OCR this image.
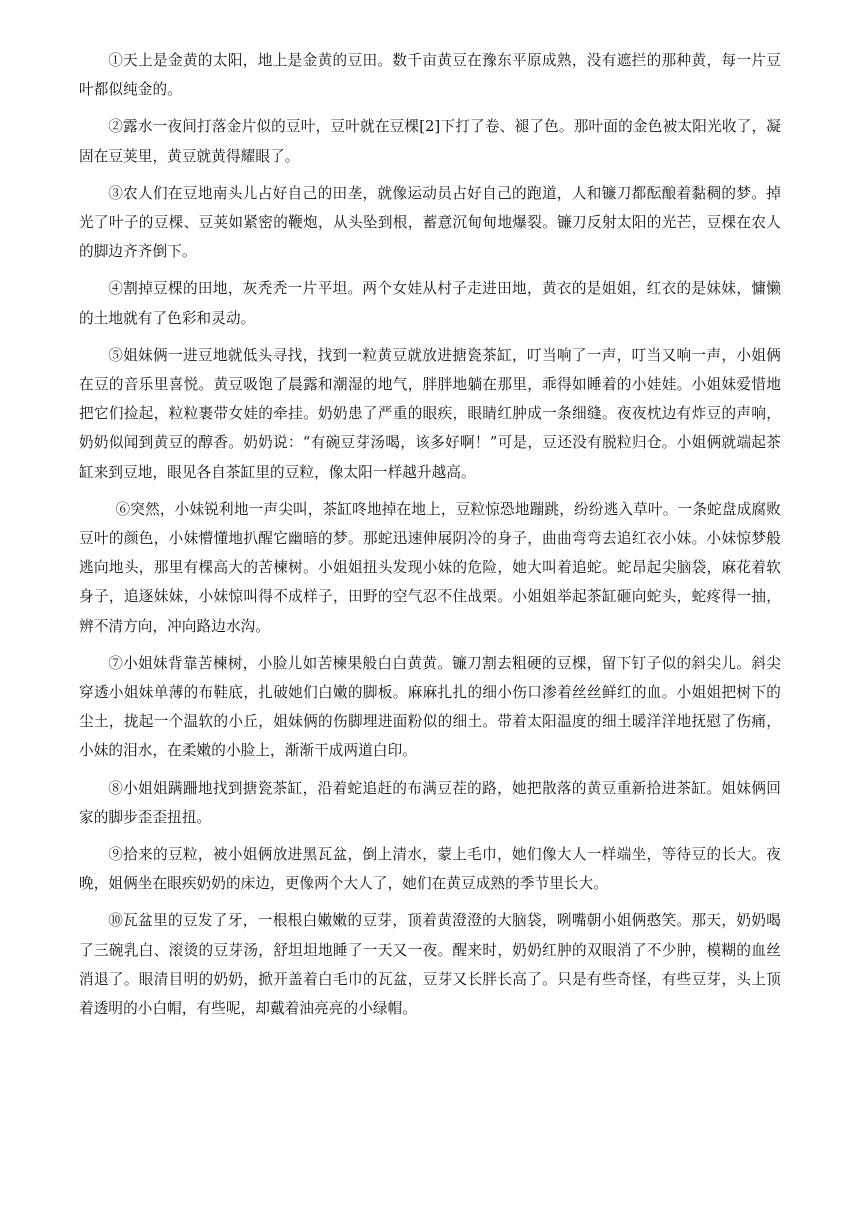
①天上是金黄的太阳，地上是金黄的豆田。数千亩黄豆在豫东平原成熟，没有遮拦的那种黄，每一片豆叶都似纯金的。

②露水一夜间打落金片似的豆叶，豆叶就在豆棵[2]下打了卷、褪了色。那叶面的金色被太阳光收了，凝固在豆荚里，黄豆就黄得耀眼了。

③农人们在豆地南头儿占好自己的田垄，就像运动员占好自己的跑道，人和镰刀都酝酿着黏稠的梦。掉光了叶子的豆棵、豆荚如紧密的鞭炮，从头坠到根，蓄意沉甸甸地爆裂。镰刀反射太阳的光芒，豆棵在农人的脚边齐齐倒下。

④割掉豆棵的田地，灰秃秃一片平坦。两个女娃从村子走进田地，黄衣的是姐姐，红衣的是妹妹，慵懒的土地就有了色彩和灵动。

⑤姐妹俩一进豆地就低头寻找，找到一粒黄豆就放进搪瓷茶缸，叮当响了一声，叮当又响一声，小姐俩在豆的音乐里喜悦。黄豆吸饱了晨露和潮湿的地气，胖胖地躺在那里，乖得如睡着的小娃娃。小姐妹爱惜地把它们捡起，粒粒裹带女娃的牵挂。奶奶患了严重的眼疾，眼睛红肿成一条细缝。夜夜枕边有炸豆的声响，奶奶似闻到黄豆的醇香。奶奶说：“有碗豆芽汤喝，该多好啊！”可是，豆还没有脱粒归仓。小姐俩就端起茶缸来到豆地，眼见各自茶缸里的豆粒，像太阳一样越升越高。

⑥突然，小妹锐利地一声尖叫，茶缸咚地掉在地上，豆粒惊恐地蹦跳，纷纷逃入草叶。一条蛇盘成腐败豆叶的颜色，小妹懵懂地扒醒它幽暗的梦。那蛇迅速伸展阴冷的身子，曲曲弯弯去追红衣小妹。小妹惊梦般逃向地头，那里有棵高大的苦楝树。小姐姐扭头发现小妹的危险，她大叫着追蛇。蛇昂起尖脑袋，麻花着软身子，追逐妹妹，小妹惊叫得不成样子，田野的空气忍不住战栗。小姐姐举起茶缸砸向蛇头，蛇疼得一抽，辨不清方向，冲向路边水沟。

⑦小姐妹背靠苦楝树，小脸儿如苦楝果般白白黄黄。镰刀割去粗硬的豆棵，留下钉子似的斜尖儿。斜尖穿透小姐妹单薄的布鞋底，扎破她们白嫩的脚板。麻麻扎扎的细小伤口渗着丝丝鲜红的血。小姐姐把树下的尘土，拢起一个温软的小丘，姐妹俩的伤脚埋进面粉似的细土。带着太阳温度的细土暖洋洋地抚慰了伤痛，小妹的泪水，在柔嫩的小脸上，渐渐干成两道白印。

⑧小姐姐蹒跚地找到搪瓷茶缸，沿着蛇追赶的布满豆茬的路，她把散落的黄豆重新拾进茶缸。姐妹俩回家的脚步歪歪扭扭。

⑨拾来的豆粒，被小姐俩放进黑瓦盆，倒上清水，蒙上毛巾，她们像大人一样端坐，等待豆的长大。夜晚，姐俩坐在眼疾奶奶的床边，更像两个大人了，她们在黄豆成熟的季节里长大。

⑩瓦盆里的豆发了牙，一根根白嫩嫩的豆芽，顶着黄澄澄的大脑袋，咧嘴朝小姐俩憨笑。那天，奶奶喝了三碗乳白、滚烫的豆芽汤，舒坦坦地睡了一天又一夜。醒来时，奶奶红肿的双眼消了不少肿，模糊的血丝消退了。眼清目明的奶奶，掀开盖着白毛巾的瓦盆，豆芽又长胖长高了。只是有些奇怪，有些豆芽，头上顶着透明的小白帽，有些呢，却戴着油亮亮的小绿帽。
